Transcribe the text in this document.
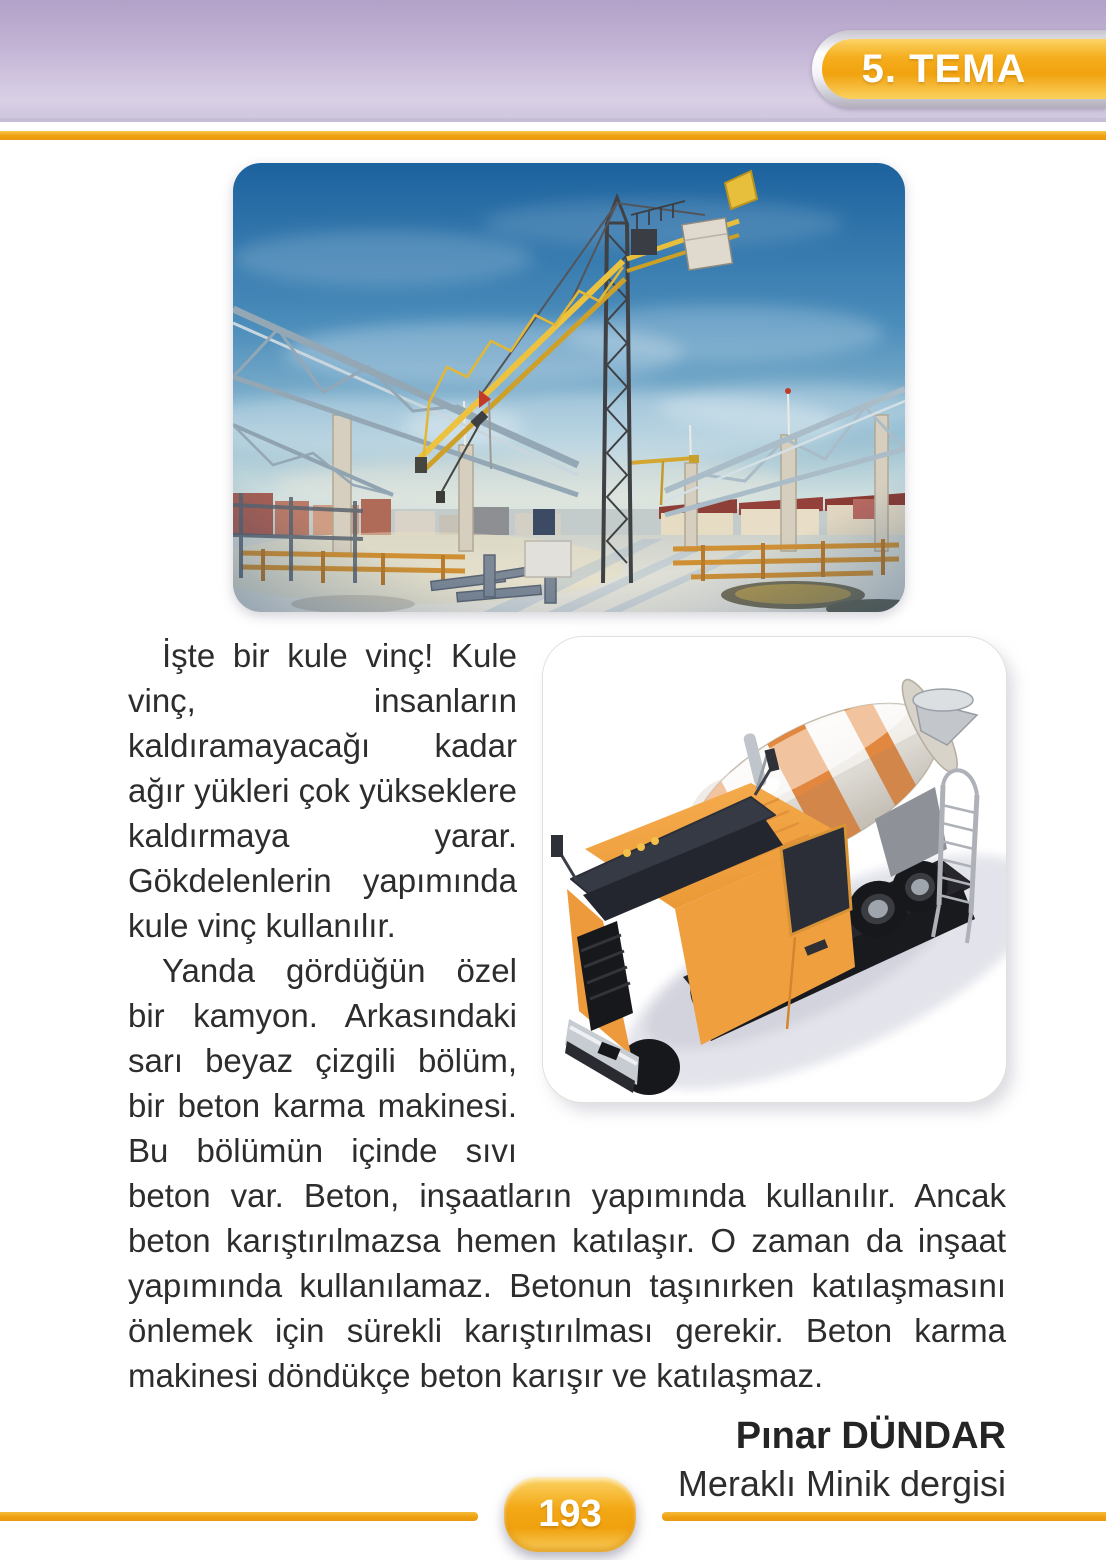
5. TEMA

İşte bir kule vinç! Kule vinç, insanların kaldıramayacağı kadar ağır yükleri çok yükseklere kaldırmaya yarar. Gökdelenlerin yapımında kule vinç kullanılır.

Yanda gördüğün özel bir kamyon. Arkasındaki sarı beyaz çizgili bölüm, bir beton karma makinesi. Bu bölümün içinde sıvı beton var. Beton, inşaatların yapımında kullanılır. Ancak beton karıştırılmazsa hemen katılaşır. O zaman da inşaat yapımında kullanılamaz. Betonun taşınırken katılaşmasını önlemek için sürekli karıştırılması gerekir. Beton karma makinesi döndükçe beton karışır ve katılaşmaz.

Pınar DÜNDAR
Meraklı Minik dergisi
193
